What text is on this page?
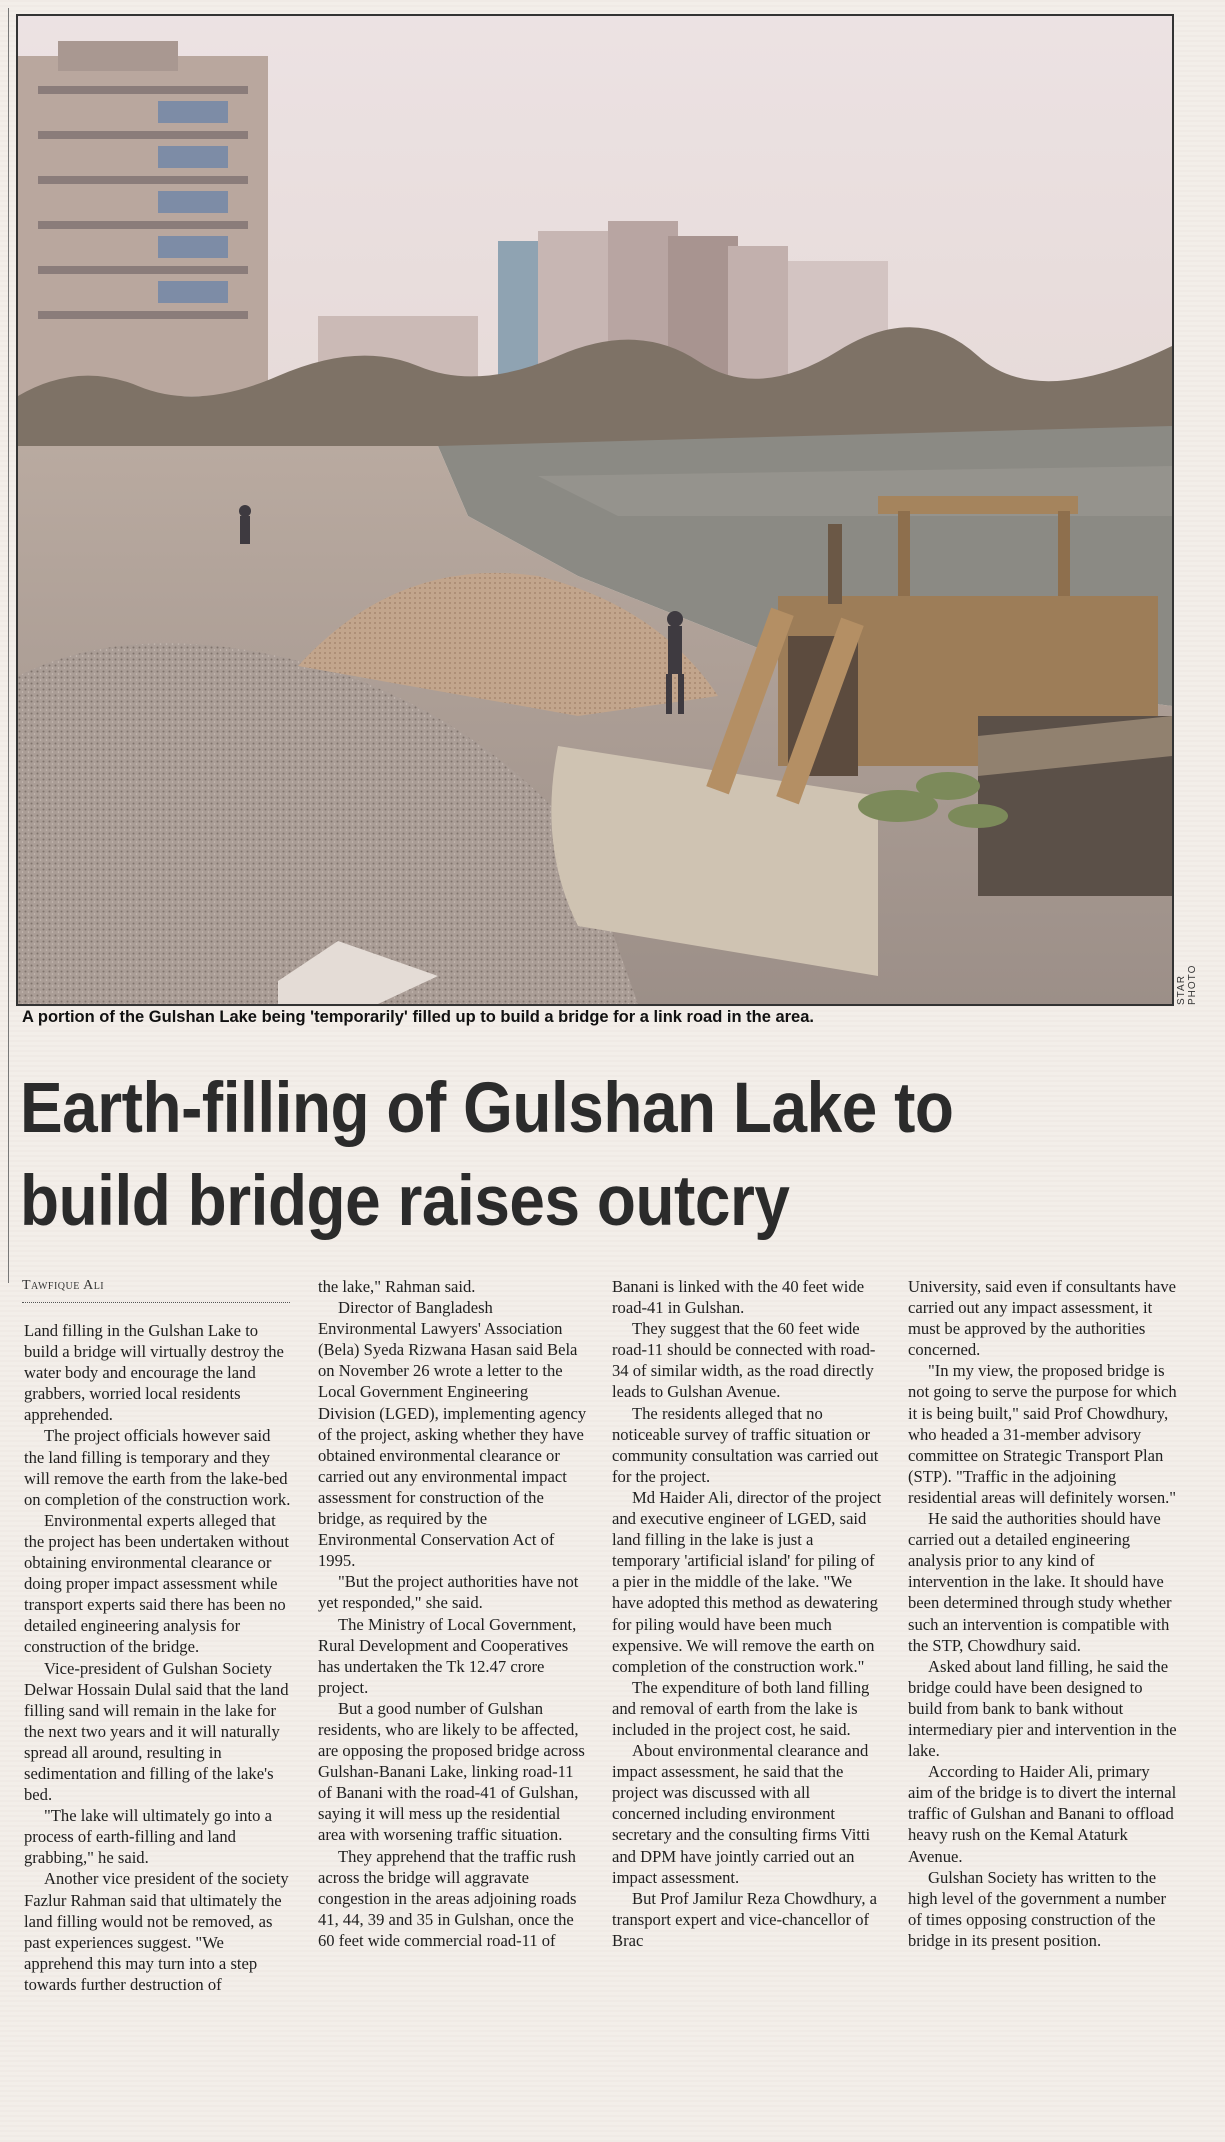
STAR PHOTO
A portion of the Gulshan Lake being 'temporarily' filled up to build a bridge for a link road in the area.
Earth-filling of Gulshan Lake to
build bridge raises outcry
Tawfique Ali

Land filling in the Gulshan Lake to build a bridge will virtually destroy the water body and encourage the land grabbers, worried local residents apprehended.

The project officials however said the land filling is temporary and they will remove the earth from the lake-bed on completion of the construction work.

Environmental experts alleged that the project has been undertaken without obtaining environmental clearance or doing proper impact assessment while transport experts said there has been no detailed engineering analysis for construction of the bridge.

Vice-president of Gulshan Society Delwar Hossain Dulal said that the land filling sand will remain in the lake for the next two years and it will naturally spread all around, resulting in sedimentation and filling of the lake's bed.

"The lake will ultimately go into a process of earth-filling and land grabbing," he said.

Another vice president of the society Fazlur Rahman said that ultimately the land filling would not be removed, as past experiences suggest. "We apprehend this may turn into a step towards further destruction of

the lake," Rahman said.

Director of Bangladesh Environmental Lawyers' Association (Bela) Syeda Rizwana Hasan said Bela on November 26 wrote a letter to the Local Government Engineering Division (LGED), implementing agency of the project, asking whether they have obtained environmental clearance or carried out any environmental impact assessment for construction of the bridge, as required by the Environmental Conservation Act of 1995.

"But the project authorities have not yet responded," she said.

The Ministry of Local Government, Rural Development and Cooperatives has undertaken the Tk 12.47 crore project.

But a good number of Gulshan residents, who are likely to be affected, are opposing the proposed bridge across Gulshan-Banani Lake, linking road-11 of Banani with the road-41 of Gulshan, saying it will mess up the residential area with worsening traffic situation.

They apprehend that the traffic rush across the bridge will aggravate congestion in the areas adjoining roads 41, 44, 39 and 35 in Gulshan, once the 60 feet wide commercial road-11 of

Banani is linked with the 40 feet wide road-41 in Gulshan.

They suggest that the 60 feet wide road-11 should be connected with road-34 of similar width, as the road directly leads to Gulshan Avenue.

The residents alleged that no noticeable survey of traffic situation or community consultation was carried out for the project.

Md Haider Ali, director of the project and executive engineer of LGED, said land filling in the lake is just a temporary 'artificial island' for piling of a pier in the middle of the lake. "We have adopted this method as dewatering for piling would have been much expensive. We will remove the earth on completion of the construction work."

The expenditure of both land filling and removal of earth from the lake is included in the project cost, he said.

About environmental clearance and impact assessment, he said that the project was discussed with all concerned including environment secretary and the consulting firms Vitti and DPM have jointly carried out an impact assessment.

But Prof Jamilur Reza Chowdhury, a transport expert and vice-chancellor of Brac

University, said even if consultants have carried out any impact assessment, it must be approved by the authorities concerned.

"In my view, the proposed bridge is not going to serve the purpose for which it is being built," said Prof Chowdhury, who headed a 31-member advisory committee on Strategic Transport Plan (STP). "Traffic in the adjoining residential areas will definitely worsen."

He said the authorities should have carried out a detailed engineering analysis prior to any kind of intervention in the lake. It should have been determined through study whether such an intervention is compatible with the STP, Chowdhury said.

Asked about land filling, he said the bridge could have been designed to build from bank to bank without intermediary pier and intervention in the lake.

According to Haider Ali, primary aim of the bridge is to divert the internal traffic of Gulshan and Banani to offload heavy rush on the Kemal Ataturk Avenue.

Gulshan Society has written to the high level of the government a number of times opposing construction of the bridge in its present position.
